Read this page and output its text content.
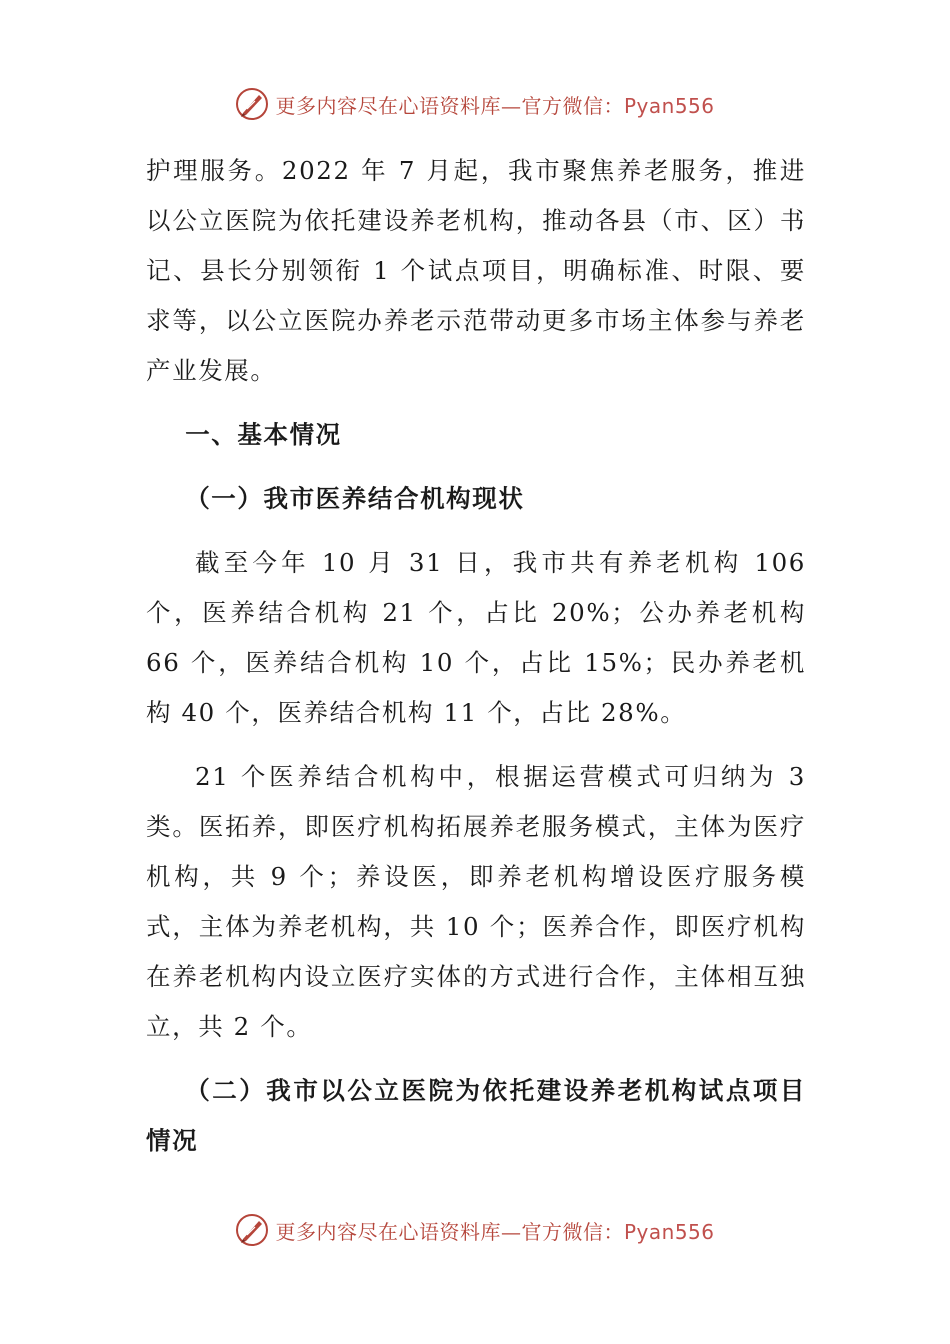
更多内容尽在心语资料库—官方微信：Pyan556

护理服务。2022 年 7 月起，我市聚焦养老服务，推进以公立医院为依托建设养老机构，推动各县（市、区）书记、县长分别领衔 1 个试点项目，明确标准、时限、要求等，以公立医院办养老示范带动更多市场主体参与养老产业发展。

一、基本情况

（一）我市医养结合机构现状

截至今年 10 月 31 日，我市共有养老机构 106 个，医养结合机构 21 个，占比 20%；公办养老机构 66 个，医养结合机构 10 个，占比 15%；民办养老机构 40 个，医养结合机构 11 个，占比 28%。

21 个医养结合机构中，根据运营模式可归纳为 3 类。医拓养，即医疗机构拓展养老服务模式，主体为医疗机构，共 9 个；养设医，即养老机构增设医疗服务模式，主体为养老机构，共 10 个；医养合作，即医疗机构在养老机构内设立医疗实体的方式进行合作，主体相互独立，共 2 个。

（二）我市以公立医院为依托建设养老机构试点项目情况

更多内容尽在心语资料库—官方微信：Pyan556
